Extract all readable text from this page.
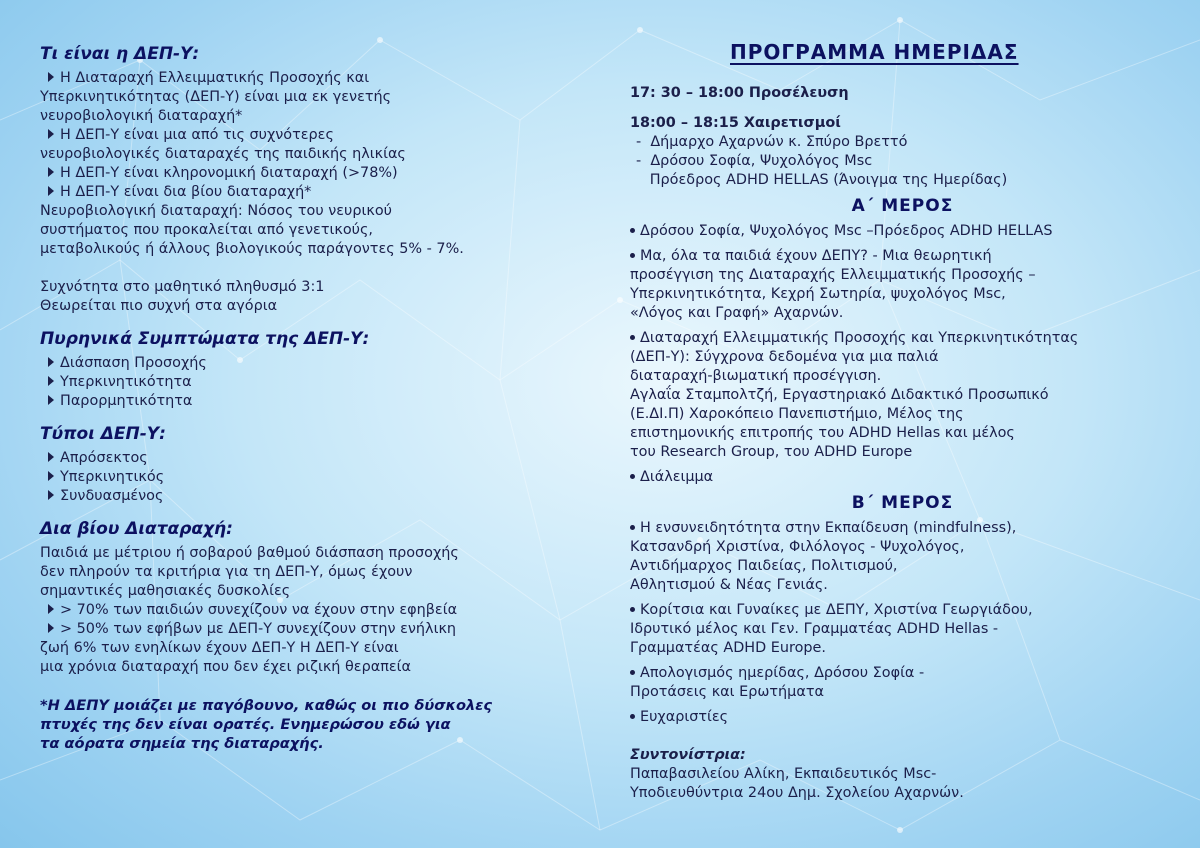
Τι είναι η ΔΕΠ-Υ:
Η Διαταραχή Ελλειμματικής Προσοχής και
Υπερκινητικότητας (ΔΕΠ-Υ) είναι μια εκ γενετής
νευροβιολογική διαταραχή*
Η ΔΕΠ-Υ είναι μια από τις συχνότερες
νευροβιολογικές διαταραχές της παιδικής ηλικίας
Η ΔΕΠ-Υ είναι κληρονομική διαταραχή (>78%)
Η ΔΕΠ-Υ είναι δια βίου διαταραχή*
Νευροβιολογική διαταραχή: Νόσος του νευρικού
συστήματος που προκαλείται από γενετικούς,
μεταβολικούς ή άλλους βιολογικούς παράγοντες 5% - 7%.
Συχνότητα στο μαθητικό πληθυσμό 3:1
Θεωρείται πιο συχνή στα αγόρια
Πυρηνικά Συμπτώματα της ΔΕΠ-Υ:
Διάσπαση Προσοχής
Υπερκινητικότητα
Παρορμητικότητα
Τύποι ΔΕΠ-Υ:
Απρόσεκτος
Υπερκινητικός
Συνδυασμένος
Δια βίου Διαταραχή:
Παιδιά με μέτριου ή σοβαρού βαθμού διάσπαση προσοχής
δεν πληρούν τα κριτήρια για τη ΔΕΠ-Υ, όμως έχουν
σημαντικές μαθησιακές δυσκολίες
> 70% των παιδιών συνεχίζουν να έχουν στην εφηβεία
> 50% των εφήβων με ΔΕΠ-Υ συνεχίζουν στην ενήλικη
ζωή 6% των ενηλίκων έχουν ΔΕΠ-Υ Η ΔΕΠ-Υ είναι
μια χρόνια διαταραχή που δεν έχει ριζική θεραπεία
*Η ΔΕΠΥ μοιάζει με παγόβουνο, καθώς οι πιο δύσκολες
πτυχές της δεν είναι ορατές. Ενημερώσου εδώ για
τα αόρατα σημεία της διαταραχής.
ΠΡΟΓΡΑΜΜΑ ΗΜΕΡΙΔΑΣ
17: 30 – 18:00 Προσέλευση
18:00 – 18:15 Χαιρετισμοί
-  Δήμαρχο Αχαρνών κ. Σπύρο Βρεττό
-  Δρόσου Σοφία, Ψυχολόγος Msc
Πρόεδρος ADHD HELLAS (Άνοιγμα της Ημερίδας)
Α΄ ΜΕΡΟΣ
Δρόσου Σοφία, Ψυχολόγος Msc –Πρόεδρος ADHD HELLAS
Μα, όλα τα παιδιά έχουν ΔΕΠΥ? - Μια θεωρητική
προσέγγιση της Διαταραχής Ελλειμματικής Προσοχής –
Υπερκινητικότητα, Κεχρή Σωτηρία, ψυχολόγος Msc,
«Λόγος και Γραφή» Αχαρνών.
Διαταραχή Ελλειμματικής Προσοχής και Υπερκινητικότητας
(ΔΕΠ-Υ): Σύγχρονα δεδομένα για μια παλιά
διαταραχή-βιωματική προσέγγιση.
Αγλαΐα Σταμπολτζή, Εργαστηριακό Διδακτικό Προσωπικό
(Ε.ΔΙ.Π) Χαροκόπειο Πανεπιστήμιο, Μέλος της
επιστημονικής επιτροπής του ADHD Hellas και μέλος
του Research Group, του ADHD Europe
Διάλειμμα
Β΄ ΜΕΡΟΣ
Η ενσυνειδητότητα στην Εκπαίδευση (mindfulness),
Κατσανδρή Χριστίνα, Φιλόλογος - Ψυχολόγος,
Αντιδήμαρχος Παιδείας, Πολιτισμού,
Αθλητισμού & Νέας Γενιάς.
Κορίτσια και Γυναίκες με ΔΕΠΥ, Χριστίνα Γεωργιάδου,
Ιδρυτικό μέλος και Γεν. Γραμματέας ADHD Hellas -
Γραμματέας ADHD Europe.
Απολογισμός ημερίδας, Δρόσου Σοφία -
Προτάσεις και Ερωτήματα
Ευχαριστίες
Συντονίστρια:
Παπαβασιλείου Αλίκη, Εκπαιδευτικός Msc-
Υποδιευθύντρια 24ου Δημ. Σχολείου Αχαρνών.
